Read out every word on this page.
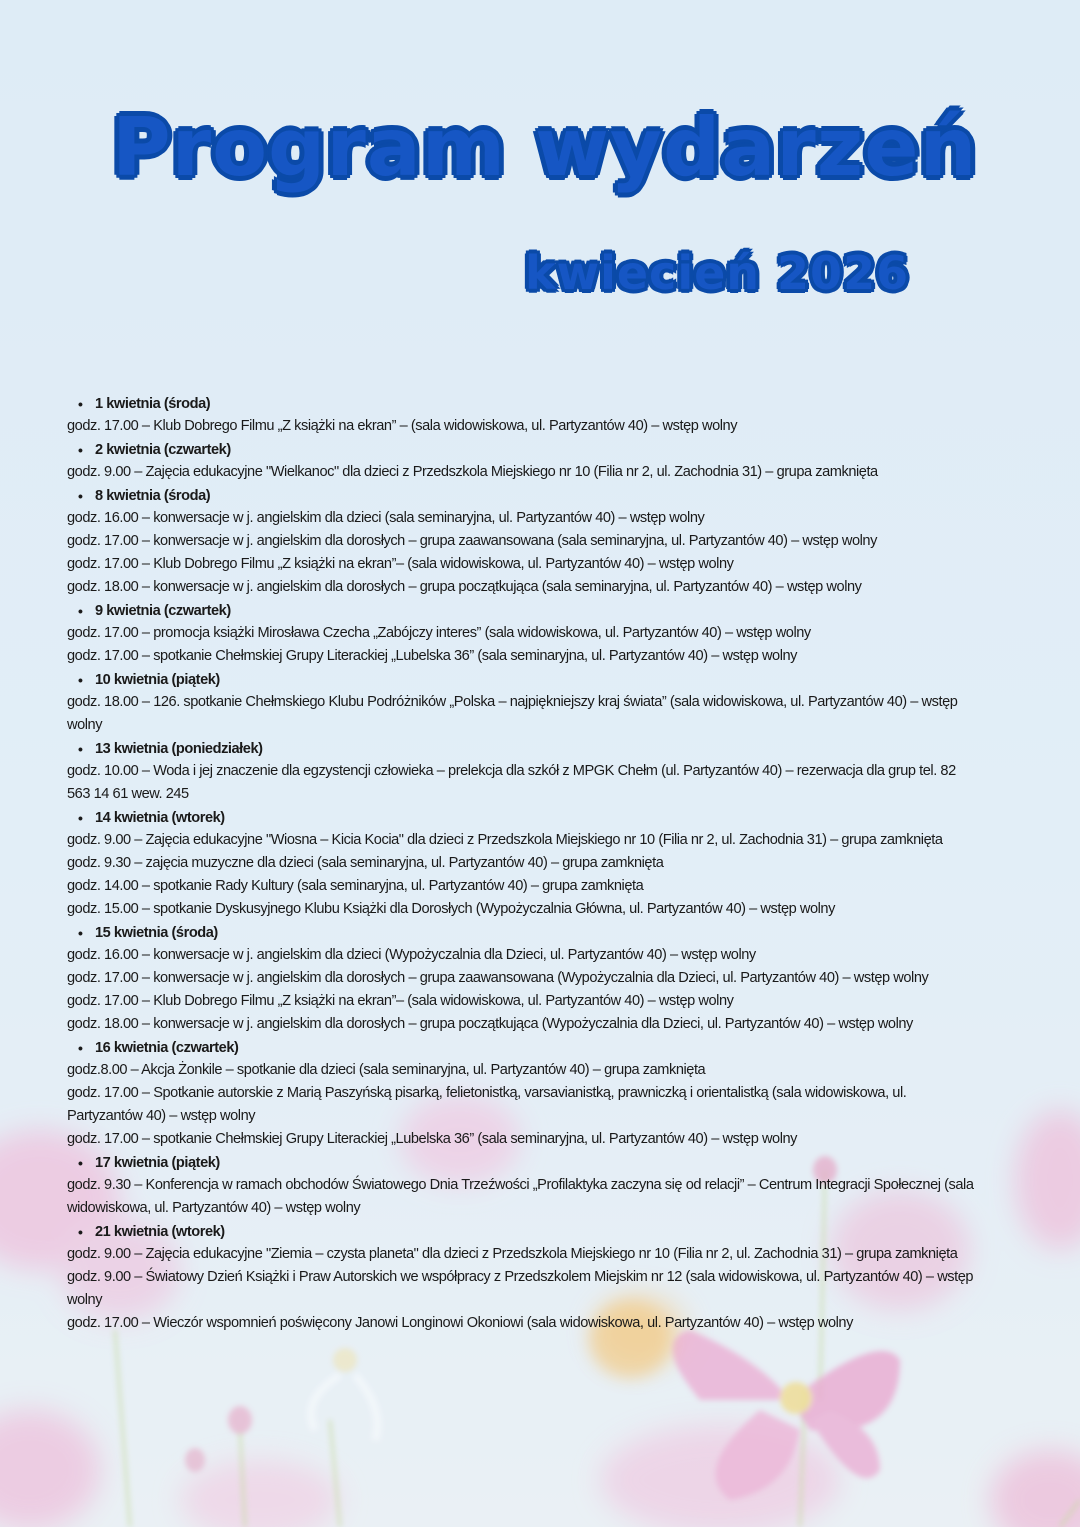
Program wydarzeń
kwiecień 2026
• 1 kwietnia (środa)

godz. 17.00 – Klub Dobrego Filmu „Z książki na ekran” – (sala widowiskowa, ul. Partyzantów 40) – wstęp wolny

• 2 kwietnia (czwartek)

godz. 9.00 – Zajęcia edukacyjne "Wielkanoc" dla dzieci z Przedszkola Miejskiego nr 10 (Filia nr 2, ul. Zachodnia 31) – grupa zamknięta

• 8 kwietnia (środa)

godz. 16.00 – konwersacje w j. angielskim dla dzieci (sala seminaryjna, ul. Partyzantów 40) – wstęp wolny

godz. 17.00 – konwersacje w j. angielskim dla dorosłych – grupa zaawansowana (sala seminaryjna, ul. Partyzantów 40) – wstęp wolny

godz. 17.00 – Klub Dobrego Filmu „Z książki na ekran”– (sala widowiskowa, ul. Partyzantów 40) – wstęp wolny

godz. 18.00 – konwersacje w j. angielskim dla dorosłych – grupa początkująca (sala seminaryjna, ul. Partyzantów 40) – wstęp wolny

• 9 kwietnia (czwartek)

godz. 17.00 – promocja książki Mirosława Czecha „Zabójczy interes” (sala widowiskowa, ul. Partyzantów 40) – wstęp wolny

godz. 17.00 – spotkanie Chełmskiej Grupy Literackiej „Lubelska 36” (sala seminaryjna, ul. Partyzantów 40) – wstęp wolny

• 10 kwietnia (piątek)

godz. 18.00 – 126. spotkanie Chełmskiego Klubu Podróżników „Polska – najpiękniejszy kraj świata” (sala widowiskowa, ul. Partyzantów 40) – wstęp wolny

• 13 kwietnia (poniedziałek)

godz. 10.00 – Woda i jej znaczenie dla egzystencji człowieka – prelekcja dla szkół z MPGK Chełm (ul. Partyzantów 40) – rezerwacja dla grup tel. 82 563 14 61 wew. 245

• 14 kwietnia (wtorek)

godz. 9.00 – Zajęcia edukacyjne "Wiosna – Kicia Kocia" dla dzieci z Przedszkola Miejskiego nr 10 (Filia nr 2, ul. Zachodnia 31) – grupa zamknięta

godz. 9.30 – zajęcia muzyczne dla dzieci (sala seminaryjna, ul. Partyzantów 40) – grupa zamknięta

godz. 14.00 – spotkanie Rady Kultury (sala seminaryjna, ul. Partyzantów 40) – grupa zamknięta

godz. 15.00 – spotkanie Dyskusyjnego Klubu Książki dla Dorosłych (Wypożyczalnia Główna, ul. Partyzantów 40) – wstęp wolny

• 15 kwietnia (środa)

godz. 16.00 – konwersacje w j. angielskim dla dzieci (Wypożyczalnia dla Dzieci, ul. Partyzantów 40) – wstęp wolny

godz. 17.00 – konwersacje w j. angielskim dla dorosłych – grupa zaawansowana (Wypożyczalnia dla Dzieci, ul. Partyzantów 40) – wstęp wolny

godz. 17.00 – Klub Dobrego Filmu „Z książki na ekran”– (sala widowiskowa, ul. Partyzantów 40) – wstęp wolny

godz. 18.00 – konwersacje w j. angielskim dla dorosłych – grupa początkująca (Wypożyczalnia dla Dzieci, ul. Partyzantów 40) – wstęp wolny

• 16 kwietnia (czwartek)

godz.8.00 – Akcja Żonkile – spotkanie dla dzieci (sala seminaryjna, ul. Partyzantów 40) – grupa zamknięta

godz. 17.00 – Spotkanie autorskie z Marią Paszyńską pisarką, felietonistką, varsavianistką, prawniczką i orientalistką (sala widowiskowa, ul. Partyzantów 40) – wstęp wolny

godz. 17.00 – spotkanie Chełmskiej Grupy Literackiej „Lubelska 36” (sala seminaryjna, ul. Partyzantów 40) – wstęp wolny

• 17 kwietnia (piątek)

godz. 9.30 – Konferencja w ramach obchodów Światowego Dnia Trzeźwości „Profilaktyka zaczyna się od relacji” – Centrum Integracji Społecznej (sala widowiskowa, ul. Partyzantów 40) – wstęp wolny

• 21 kwietnia (wtorek)

godz. 9.00 – Zajęcia edukacyjne "Ziemia – czysta planeta" dla dzieci z Przedszkola Miejskiego nr 10 (Filia nr 2, ul. Zachodnia 31) – grupa zamknięta

godz. 9.00 – Światowy Dzień Książki i Praw Autorskich we współpracy z Przedszkolem Miejskim nr 12 (sala widowiskowa, ul. Partyzantów 40) – wstęp wolny

godz. 17.00 – Wieczór wspomnień poświęcony Janowi Longinowi Okoniowi (sala widowiskowa, ul. Partyzantów 40) – wstęp wolny
